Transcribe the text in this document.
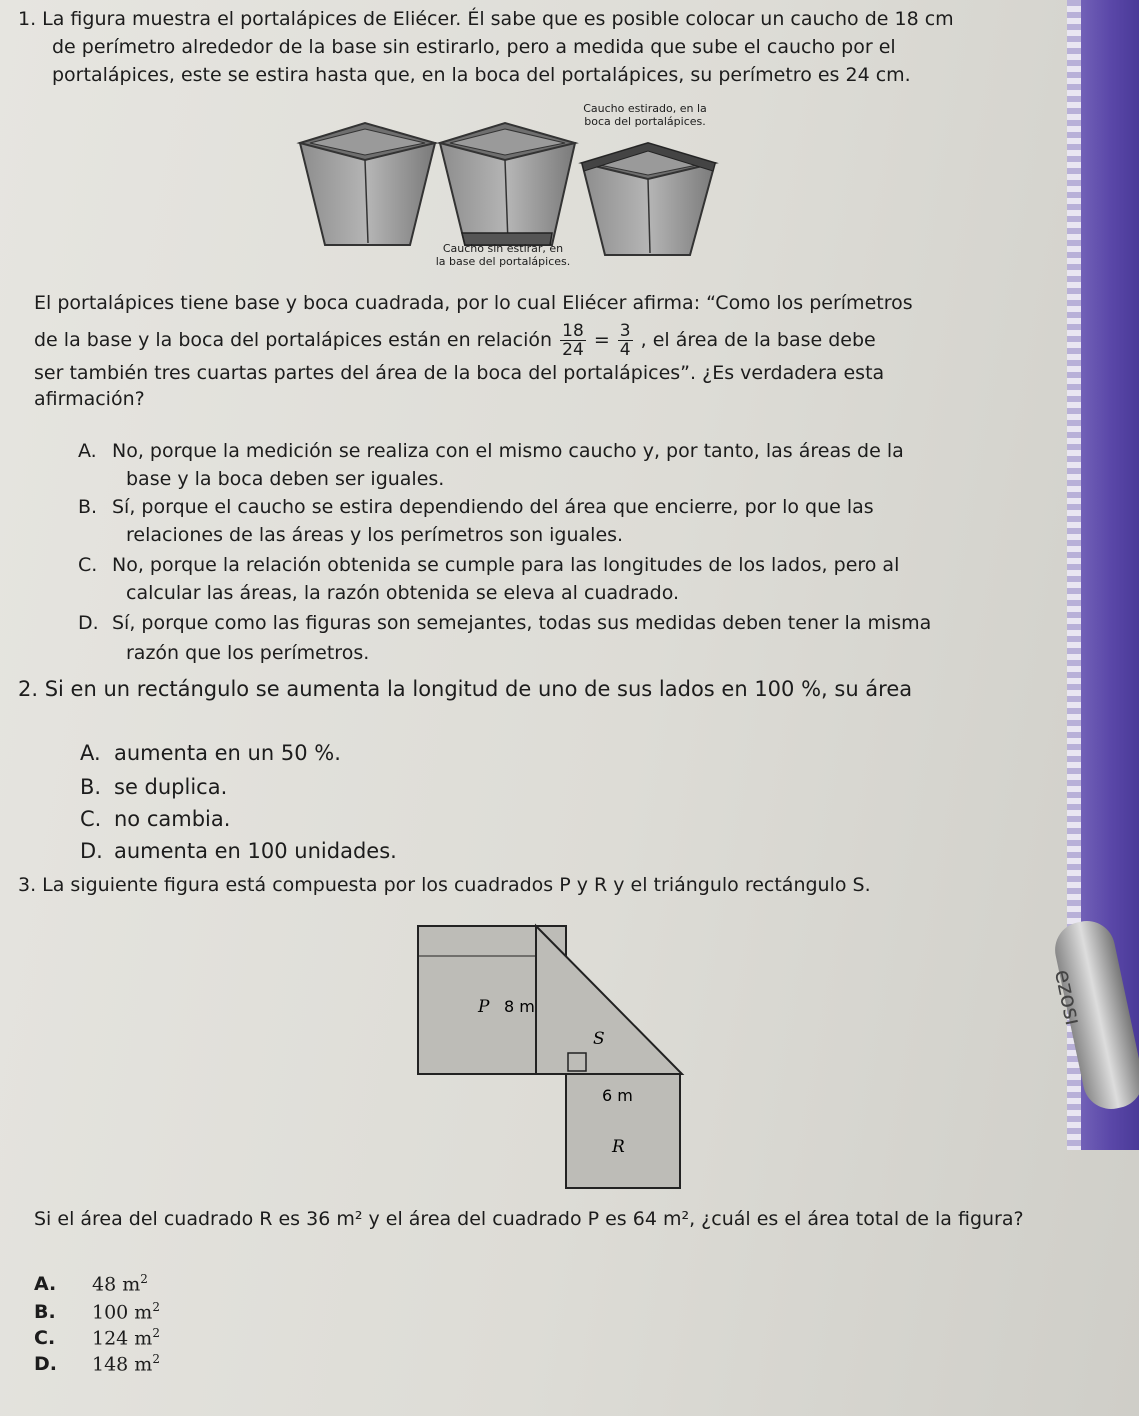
ezosı
1. La figura muestra el portalápices de Eliécer. Él sabe que es posible colocar un caucho de 18 cm
de perímetro alrededor de la base sin estirarlo, pero a medida que sube el caucho por el
portalápices, este se estira hasta que, en la boca del portalápices, su perímetro es 24 cm.
Caucho estirado, en la
boca del portalápices.
Caucho sin estirar, en
la base del portalápices.
El portalápices tiene base y boca cuadrada, por lo cual Eliécer afirma: “Como los perímetros
de la base y la boca del portalápices están en relación $\frac{18}{24} = \frac{3}{4}$ , el área de la base debe
ser también tres cuartas partes del área de la boca del portalápices”. ¿Es verdadera esta
afirmación?
A. No, porque la medición se realiza con el mismo caucho y, por tanto, las áreas de la
base y la boca deben ser iguales.
B. Sí, porque el caucho se estira dependiendo del área que encierre, por lo que las
relaciones de las áreas y los perímetros son iguales.
C. No, porque la relación obtenida se cumple para las longitudes de los lados, pero al
calcular las áreas, la razón obtenida se eleva al cuadrado.
D. Sí, porque como las figuras son semejantes, todas sus medidas deben tener la misma
razón que los perímetros.
2. Si en un rectángulo se aumenta la longitud de uno de sus lados en 100 %, su área
A. aumenta en un 50 %.
B. se duplica.
C. no cambia.
D. aumenta en 100 unidades.
3. La siguiente figura está compuesta por los cuadrados P y R y el triángulo rectángulo S.
P 8 m
S
6 m
R
Si el área del cuadrado R es 36 m² y el área del cuadrado P es 64 m², ¿cuál es el área total de la figura?
A. 48 $m^2$
B. 100 $m^2$
C. 124 $m^2$
D. 148 $m^2$
